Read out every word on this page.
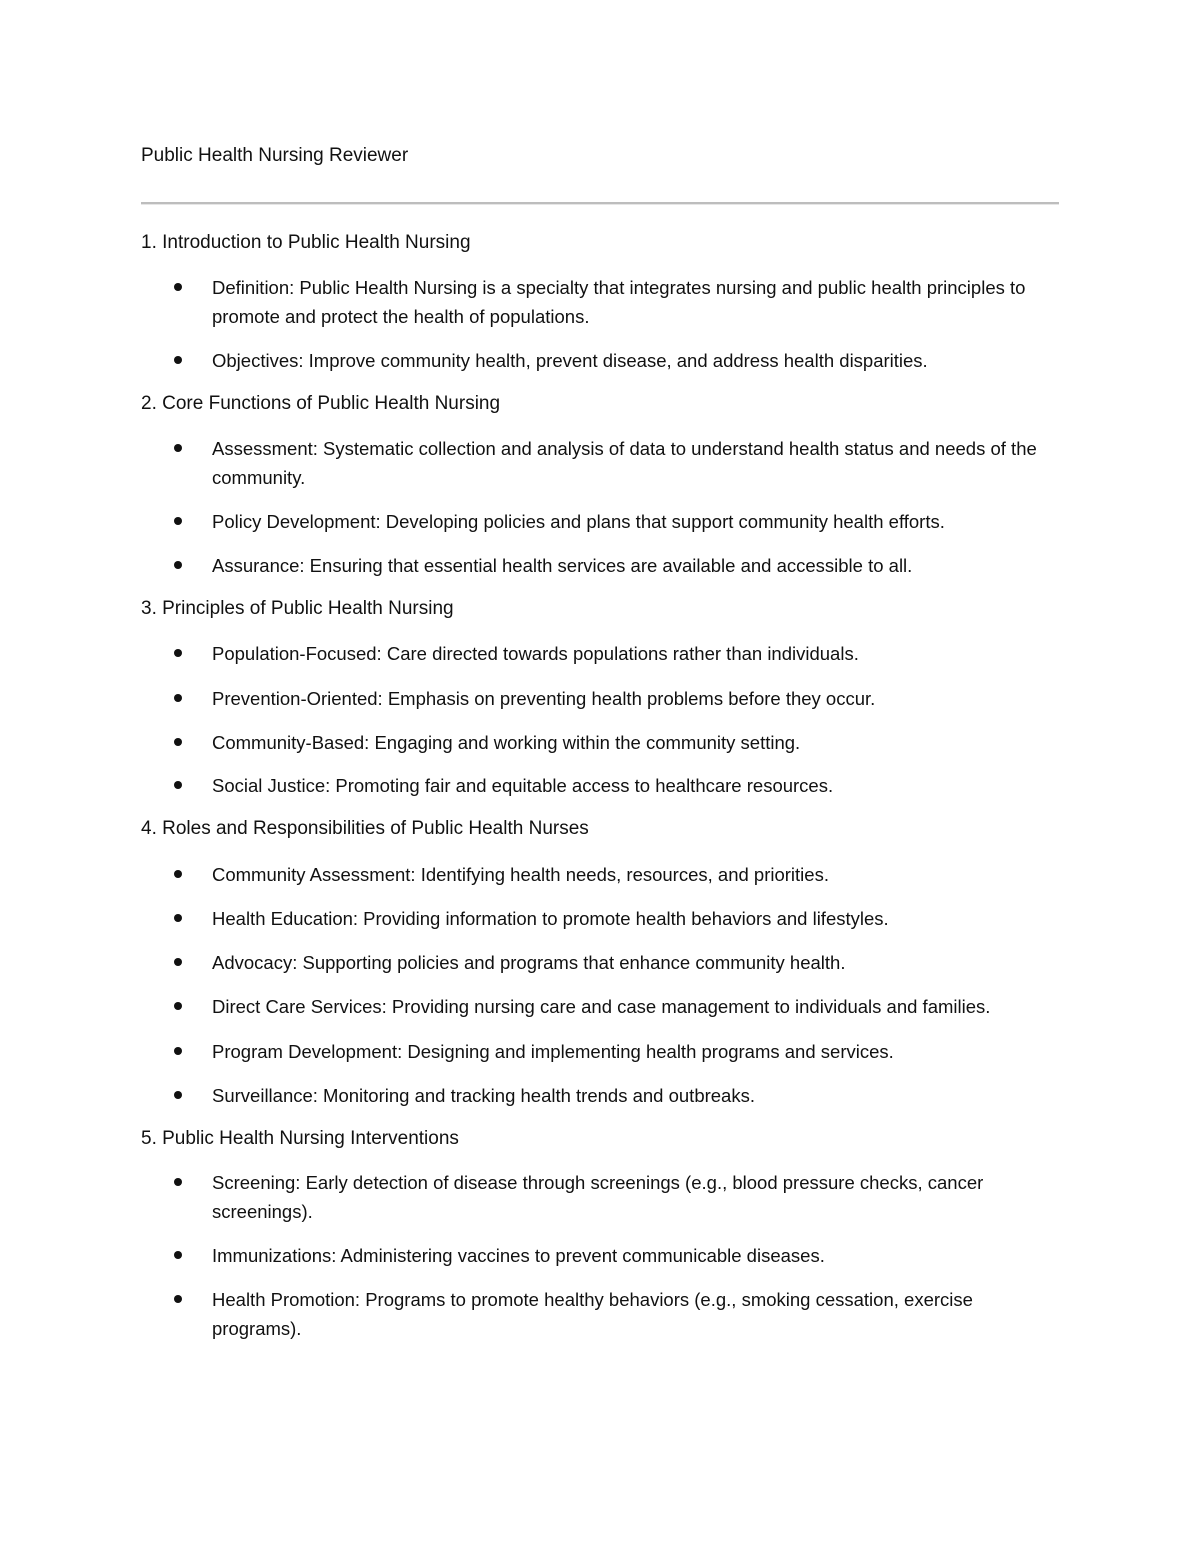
Public Health Nursing Reviewer
1. Introduction to Public Health Nursing
Definition: Public Health Nursing is a specialty that integrates nursing and public health principles to promote and protect the health of populations.
Objectives: Improve community health, prevent disease, and address health disparities.
2. Core Functions of Public Health Nursing
Assessment: Systematic collection and analysis of data to understand health status and needs of the community.
Policy Development: Developing policies and plans that support community health efforts.
Assurance: Ensuring that essential health services are available and accessible to all.
3. Principles of Public Health Nursing
Population-Focused: Care directed towards populations rather than individuals.
Prevention-Oriented: Emphasis on preventing health problems before they occur.
Community-Based: Engaging and working within the community setting.
Social Justice: Promoting fair and equitable access to healthcare resources.
4. Roles and Responsibilities of Public Health Nurses
Community Assessment: Identifying health needs, resources, and priorities.
Health Education: Providing information to promote health behaviors and lifestyles.
Advocacy: Supporting policies and programs that enhance community health.
Direct Care Services: Providing nursing care and case management to individuals and families.
Program Development: Designing and implementing health programs and services.
Surveillance: Monitoring and tracking health trends and outbreaks.
5. Public Health Nursing Interventions
Screening: Early detection of disease through screenings (e.g., blood pressure checks, cancer screenings).
Immunizations: Administering vaccines to prevent communicable diseases.
Health Promotion: Programs to promote healthy behaviors (e.g., smoking cessation, exercise programs).
